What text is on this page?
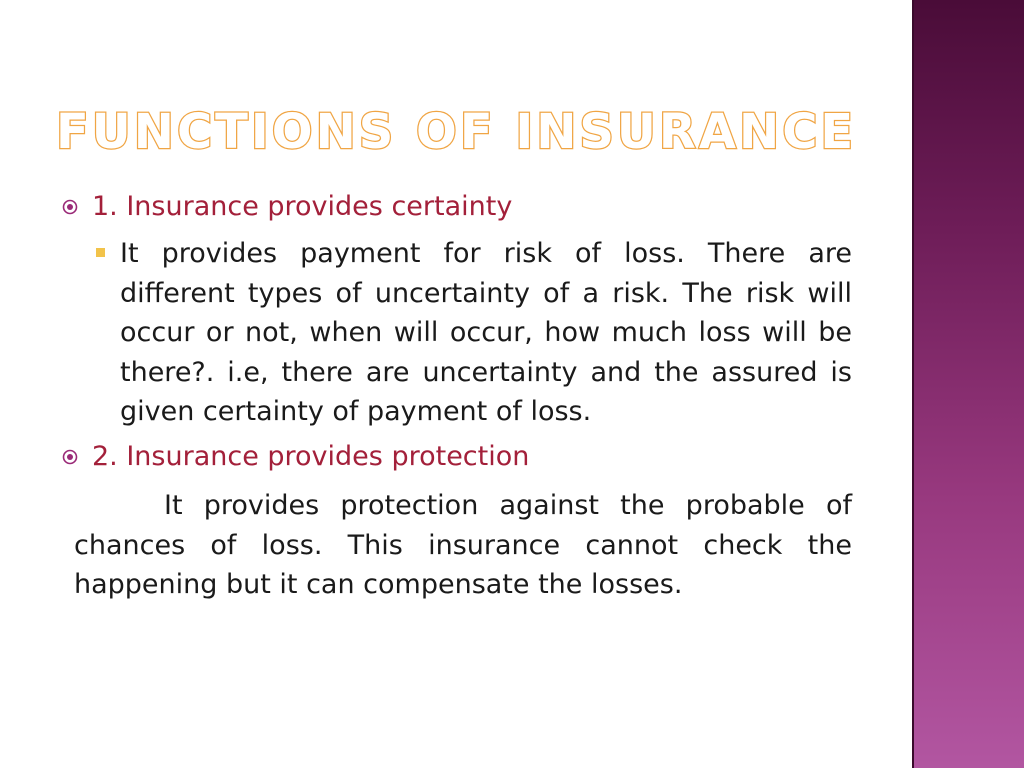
FUNCTIONS OF INSURANCE
1. Insurance provides certainty
It provides payment for risk of loss. There are different types of uncertainty of a risk. The risk will occur or not, when will occur, how much loss will be there?. i.e, there are uncertainty and the assured is given certainty of payment of loss.
2. Insurance provides protection

It provides protection against the probable of chances of loss. This insurance cannot check the happening but it can compensate the losses.
